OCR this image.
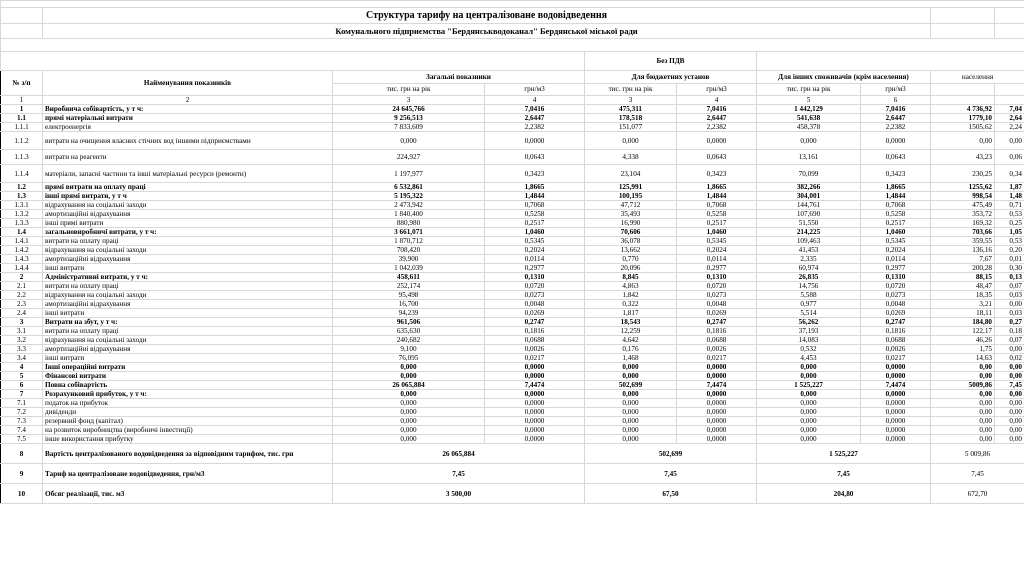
	Структура тарифу на централізоване водовідведення								
	Комунального підприємства "Бердянськводоканал" Бердянської міської ради								

				Без ПДВ					
№ з/п	Найменування показників	Загальні показники		Для бюджетних установ		Для інших споживачів (крім населення)		населення	
		тис. грн на рік	грн/м3	тис. грн на рік	грн/м3	тис. грн на рік	грн/м3		
1	2	3	4	3	4	5	6		
1	Виробнича собівартість, у т ч:	24 645,766	7,0416	475,311	7,0416	1 442,129	7,0416	4 736,92	7,04
1.1	прямі матеріальні витрати	9 256,513	2,6447	178,518	2,6447	541,638	2,6447	1779,10	2,64
1.1.1	електроенергія	7 833,609	2,2382	151,077	2,2382	458,378	2,2382	1505,62	2,24
1.1.2	витрати на очищення власних стічних вод іншими підприємствами	0,000	0,0000	0,000	0,0000	0,000	0,0000	0,00	0,00
1.1.3	витрати на реагенти	224,927	0,0643	4,338	0,0643	13,161	0,0643	43,23	0,06
1.1.4	матеріали, запасні частини та інші матеріальні ресурси (ремонти)	1 197,977	0,3423	23,104	0,3423	70,099	0,3423	230,25	0,34
1.2	прямі витрати на оплату праці	6 532,861	1,8665	125,991	1,8665	382,266	1,8665	1255,62	1,87
1.3	інші прямі витрати, у т ч	5 195,322	1,4844	100,195	1,4844	304,001	1,4844	998,54	1,48
1.3.1	відрахування на соціальні заходи	2 473,942	0,7068	47,712	0,7068	144,761	0,7068	475,49	0,71
1.3.2	амортизаційні відрахування	1 840,400	0,5258	35,493	0,5258	107,690	0,5258	353,72	0,53
1.3.3	інші прямі витрати	880,980	0,2517	16,990	0,2517	51,550	0,2517	169,32	0,25
1.4	загальновиробничі витрати, у т ч:	3 661,071	1,0460	70,606	1,0460	214,225	1,0460	703,66	1,05
1.4.1	витрати на оплату праці	1 870,712	0,5345	36,078	0,5345	109,463	0,5345	359,55	0,53
1.4.2	відрахування на соціальні заходи	708,420	0,2024	13,662	0,2024	41,453	0,2024	136,16	0,20
1.4.3	амортизаційні відрахування	39,900	0,0114	0,770	0,0114	2,335	0,0114	7,67	0,01
1.4.4	інші витрати	1 042,039	0,2977	20,096	0,2977	60,974	0,2977	200,28	0,30
2	Адміністративні витрати, у т ч:	458,611	0,1310	8,845	0,1310	26,835	0,1310	88,15	0,13
2.1	витрати на оплату праці	252,174	0,0720	4,863	0,0720	14,756	0,0720	48,47	0,07
2.2	відрахування на соціальні заходи	95,498	0,0273	1,842	0,0273	5,588	0,0273	18,35	0,03
2.3	амортизаційні відрахування	16,700	0,0048	0,322	0,0048	0,977	0,0048	3,21	0,00
2.4	інші витрати	94,239	0,0269	1,817	0,0269	5,514	0,0269	18,11	0,03
3	Витрати на збут, у т ч:	961,506	0,2747	18,543	0,2747	56,262	0,2747	184,80	0,27
3.1	витрати на оплату праці	635,630	0,1816	12,259	0,1816	37,193	0,1816	122,17	0,18
3.2	відрахування на соціальні заходи	240,682	0,0688	4,642	0,0688	14,083	0,0688	46,26	0,07
3.3	амортизаційні відрахування	9,100	0,0026	0,176	0,0026	0,532	0,0026	1,75	0,00
3.4	інші витрати	76,095	0,0217	1,468	0,0217	4,453	0,0217	14,63	0,02
4	Інші операційні витрати	0,000	0,0000	0,000	0,0000	0,000	0,0000	0,00	0,00
5	Фінансові витрати	0,000	0,0000	0,000	0,0000	0,000	0,0000	0,00	0,00
6	Повна собівартість	26 065,884	7,4474	502,699	7,4474	1 525,227	7,4474	5009,86	7,45
7	Розрахунковий прибуток, у т ч:	0,000	0,0000	0,000	0,0000	0,000	0,0000	0,00	0,00
7.1	податок на прибуток	0,000	0,0000	0,000	0,0000	0,000	0,0000	0,00	0,00
7.2	дивіденди	0,000	0,0000	0,000	0,0000	0,000	0,0000	0,00	0,00
7.3	резервний фонд (капітал)	0,000	0,0000	0,000	0,0000	0,000	0,0000	0,00	0,00
7.4	на розвиток виробництва (виробничі інвестиції)	0,000	0,0000	0,000	0,0000	0,000	0,0000	0,00	0,00
7.5	інше використання прибутку	0,000	0,0000	0,000	0,0000	0,000	0,0000	0,00	0,00
8	Вартість централізованого водовідведення за відповідним тарифом, тис. грн	26 065,884		502,699		1 525,227		5 009,86	
9	Тариф на централізоване водовідведення, грн/м3	7,45		7,45		7,45		7,45	
10	Обсяг реалізації, тис. м3	3 500,00		67,50		204,80		672,70	
